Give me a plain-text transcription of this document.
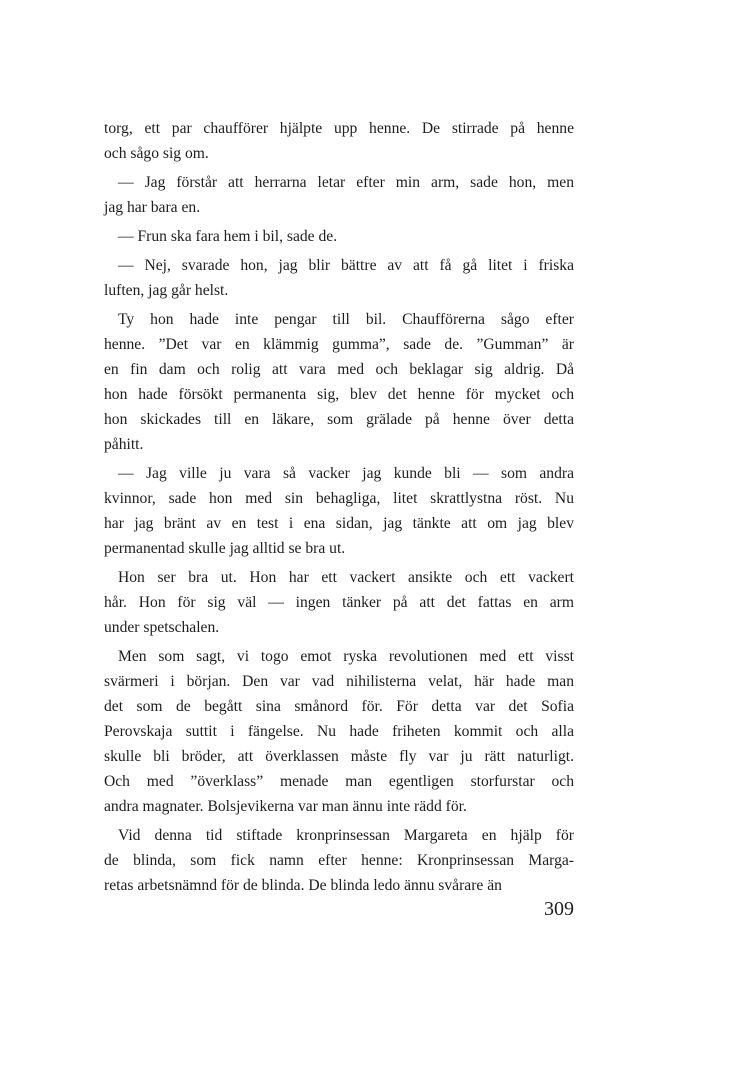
torg, ett par chaufförer hjälpte upp henne. De stirrade på henne
och sågo sig om.
— Jag förstår att herrarna letar efter min arm, sade hon, men
jag har bara en.
— Frun ska fara hem i bil, sade de.
— Nej, svarade hon, jag blir bättre av att få gå litet i friska
luften, jag går helst.
Ty hon hade inte pengar till bil. Chaufförerna sågo efter
henne. ”Det var en klämmig gumma”, sade de. ”Gumman” är
en fin dam och rolig att vara med och beklagar sig aldrig. Då
hon hade försökt permanenta sig, blev det henne för mycket och
hon skickades till en läkare, som grälade på henne över detta
påhitt.
— Jag ville ju vara så vacker jag kunde bli — som andra
kvinnor, sade hon med sin behagliga, litet skrattlystna röst. Nu
har jag bränt av en test i ena sidan, jag tänkte att om jag blev
permanentad skulle jag alltid se bra ut.
Hon ser bra ut. Hon har ett vackert ansikte och ett vackert
hår. Hon för sig väl — ingen tänker på att det fattas en arm
under spetschalen.
Men som sagt, vi togo emot ryska revolutionen med ett visst
svärmeri i början. Den var vad nihilisterna velat, här hade man
det som de begått sina smånord för. För detta var det Sofia
Perovskaja suttit i fängelse. Nu hade friheten kommit och alla
skulle bli bröder, att överklassen måste fly var ju rätt naturligt.
Och med ”överklass” menade man egentligen storfurstar och
andra magnater. Bolsjevikerna var man ännu inte rädd för.
Vid denna tid stiftade kronprinsessan Margareta en hjälp för
de blinda, som fick namn efter henne: Kronprinsessan Marga-
retas arbetsnämnd för de blinda. De blinda ledo ännu svårare än
309
